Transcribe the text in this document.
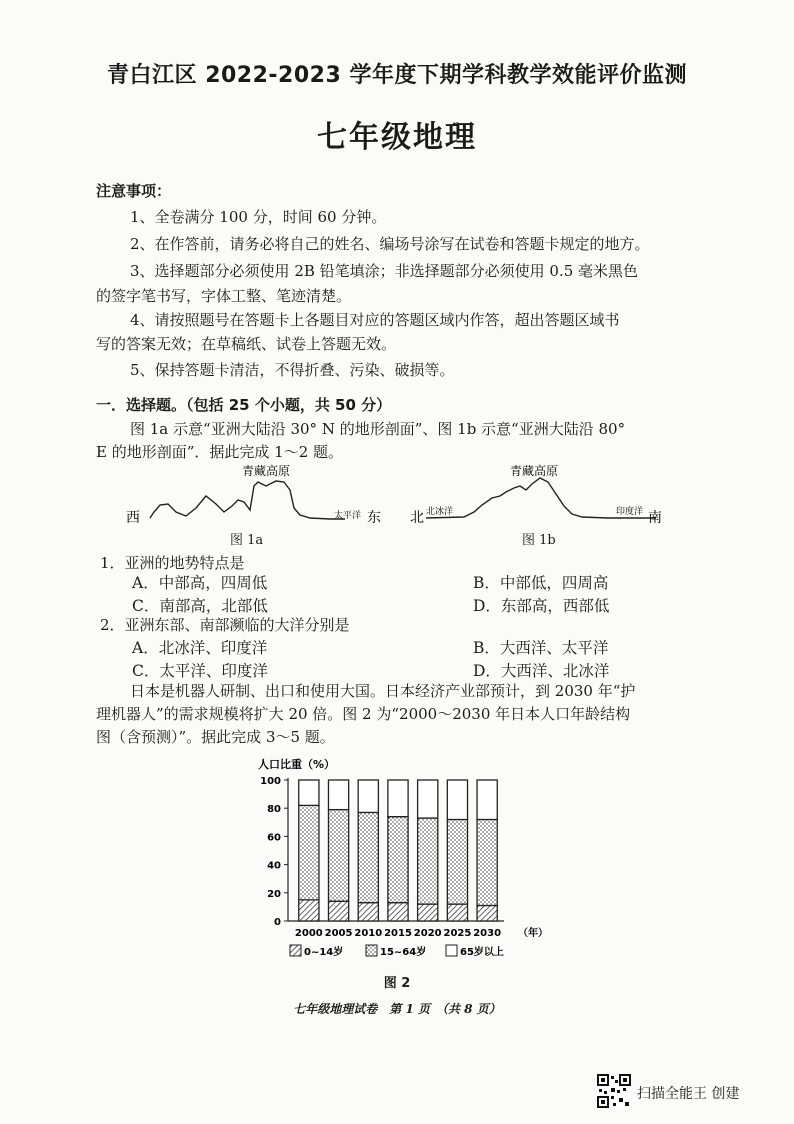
青白江区 2022-2023 学年度下期学科教学效能评价监测
七年级地理
注意事项：
1、全卷满分 100 分，时间 60 分钟。
2、在作答前，请务必将自己的姓名、编场号涂写在试卷和答题卡规定的地方。
3、选择题部分必须使用 2B 铅笔填涂；非选择题部分必须使用 0.5 毫米黑色
的签字笔书写，字体工整、笔迹清楚。
4、请按照题号在答题卡上各题目对应的答题区域内作答，超出答题区域书
写的答案无效；在草稿纸、试卷上答题无效。
5、保持答题卡清洁，不得折叠、污染、破损等。
一．选择题。（包括 25 个小题，共 50 分）
图 1a 示意“亚洲大陆沿 30° N 的地形剖面”、图 1b 示意“亚洲大陆沿 80°
E 的地形剖面”．据此完成 1～2 题。
青藏高原
西	太平洋 东
图 1a
青藏高原
北 北冰洋	印度洋 南
图 1b
1．亚洲的地势特点是
A．中部高，四周低	B．中部低，四周高
C．南部高，北部低	D．东部高，西部低
2．亚洲东部、南部濒临的大洋分别是
A．北冰洋、印度洋	B．大西洋、太平洋
C．太平洋、印度洋	D．大西洋、北冰洋
日本是机器人研制、出口和使用大国。日本经济产业部预计，到 2030 年“护
理机器人”的需求规模将扩大 20 倍。图 2 为“2000～2030 年日本人口年龄结构
图（含预测）”。据此完成 3～5 题。
人口比重（%）
0
20
40
60
80
100
2000 2005 2010 2015 2020 2025 2030 （年）
0~14岁	15~64岁	65岁以上
图 2
七年级地理试卷　第 1 页　（共 8 页）
扫描全能王 创建
